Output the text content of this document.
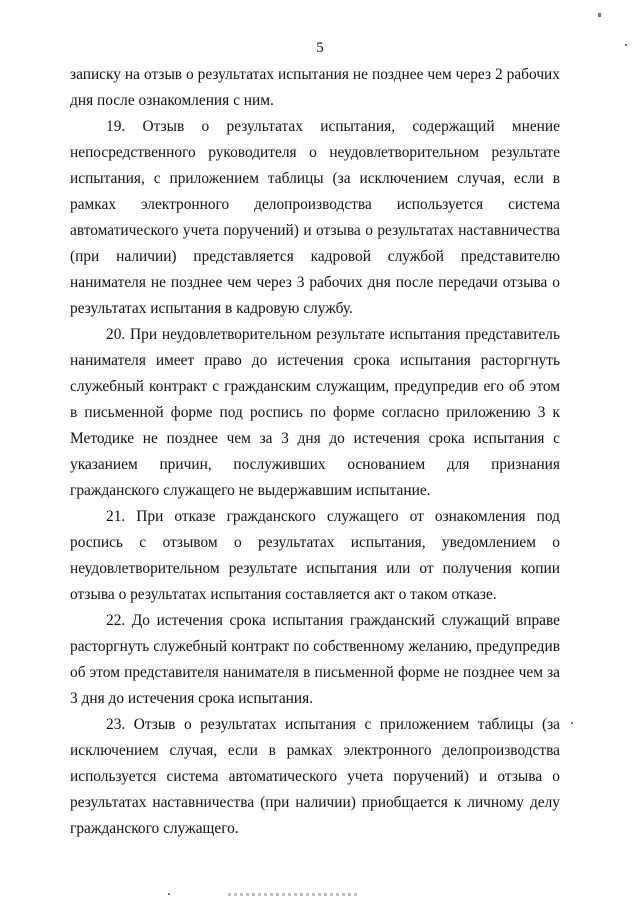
5

записку на отзыв о результатах испытания не позднее чем через 2 рабочих дня после ознакомления с ним.

19. Отзыв о результатах испытания, содержащий мнение непосредственного руководителя о неудовлетворительном результате испытания, с приложением таблицы (за исключением случая, если в рамках электронного делопроизводства используется система автоматического учета поручений) и отзыва о результатах наставничества (при наличии) представляется кадровой службой представителю нанимателя не позднее чем через 3 рабочих дня после передачи отзыва о результатах испытания в кадровую службу.

20. При неудовлетворительном результате испытания представитель нанимателя имеет право до истечения срока испытания расторгнуть служебный контракт с гражданским служащим, предупредив его об этом в письменной форме под роспись по форме согласно приложению 3 к Методике не позднее чем за 3 дня до истечения срока испытания с указанием причин, послуживших основанием для признания гражданского служащего не выдержавшим испытание.

21. При отказе гражданского служащего от ознакомления под роспись с отзывом о результатах испытания, уведомлением о неудовлетворительном результате испытания или от получения копии отзыва о результатах испытания составляется акт о таком отказе.

22. До истечения срока испытания гражданский служащий вправе расторгнуть служебный контракт по собственному желанию, предупредив об этом представителя нанимателя в письменной форме не позднее чем за 3 дня до истечения срока испытания.

23. Отзыв о результатах испытания с приложением таблицы (за исключением случая, если в рамках электронного делопроизводства используется система автоматического учета поручений) и отзыва о результатах наставничества (при наличии) приобщается к личному делу гражданского служащего.
